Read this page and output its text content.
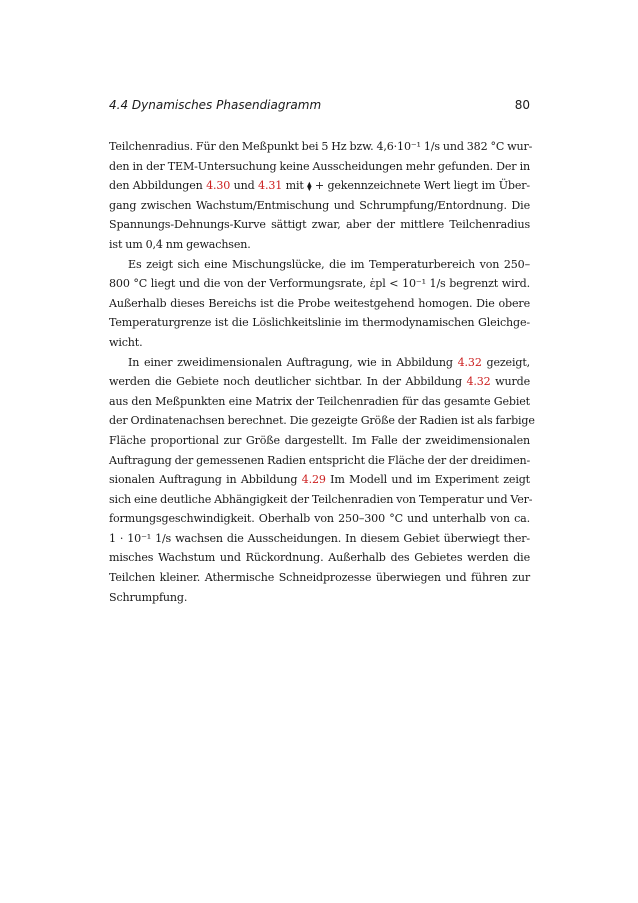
4.4 Dynamisches Phasendiagramm	80
Teilchenradius. Für den Meßpunkt bei 5 Hz bzw. 4,6·10⁻¹ 1/s und 382 °C wur-
den in der TEM-Untersuchung keine Ausscheidungen mehr gefunden. Der in
den Abbildungen 4.30 und 4.31 mit ⧫ + gekennzeichnete Wert liegt im Über-
gang zwischen Wachstum/Entmischung und Schrumpfung/Entordnung. Die
Spannungs-Dehnungs-Kurve sättigt zwar, aber der mittlere Teilchenradius
ist um 0,4 nm gewachsen.
Es zeigt sich eine Mischungslücke, die im Temperaturbereich von 250–
800 °C liegt und die von der Verformungsrate, ε̇pl < 10⁻¹ 1/s begrenzt wird.
Außerhalb dieses Bereichs ist die Probe weitestgehend homogen. Die obere
Temperaturgrenze ist die Löslichkeitslinie im thermodynamischen Gleichge-
wicht.
In einer zweidimensionalen Auftragung, wie in Abbildung 4.32 gezeigt,
werden die Gebiete noch deutlicher sichtbar. In der Abbildung 4.32 wurde
aus den Meßpunkten eine Matrix der Teilchenradien für das gesamte Gebiet
der Ordinatenachsen berechnet. Die gezeigte Größe der Radien ist als farbige
Fläche proportional zur Größe dargestellt. Im Falle der zweidimensionalen
Auftragung der gemessenen Radien entspricht die Fläche der der dreidimen-
sionalen Auftragung in Abbildung 4.29 Im Modell und im Experiment zeigt
sich eine deutliche Abhängigkeit der Teilchenradien von Temperatur und Ver-
formungsgeschwindigkeit. Oberhalb von 250–300 °C und unterhalb von ca.
1 · 10⁻¹ 1/s wachsen die Ausscheidungen. In diesem Gebiet überwiegt ther-
misches Wachstum und Rückordnung. Außerhalb des Gebietes werden die
Teilchen kleiner. Athermische Schneidprozesse überwiegen und führen zur
Schrumpfung.
